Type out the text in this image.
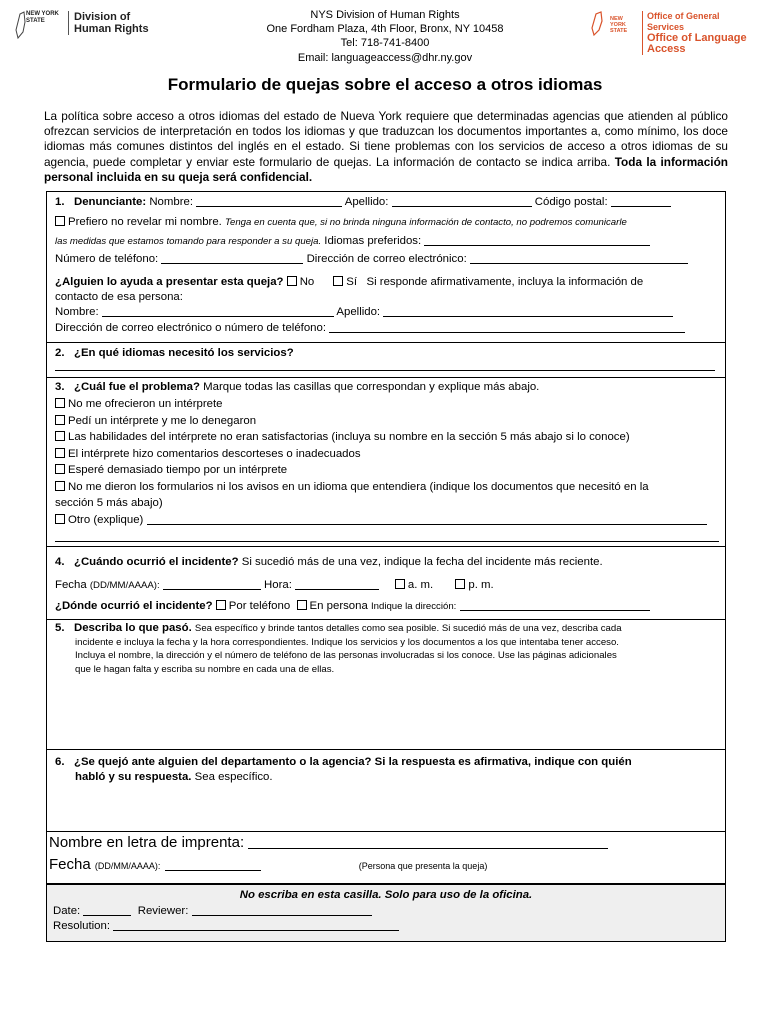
NEW YORK STATE	Division of Human Rights
NYS Division of Human Rights
One Fordham Plaza, 4th Floor, Bronx, NY 10458
Tel: 718-741-8400
Email: languageaccess@dhr.ny.gov
NEW YORK STATE
Office of General Services
Office of Language Access
Formulario de quejas sobre el acceso a otros idiomas
La política sobre acceso a otros idiomas del estado de Nueva York requiere que determinadas agencias que atienden al público ofrezcan servicios de interpretación en todos los idiomas y que traduzcan los documentos importantes a, como mínimo, los doce idiomas más comunes distintos del inglés en el estado. Si tiene problemas con los servicios de acceso a otros idiomas de su agencia, puede completar y enviar este formulario de quejas. La información de contacto se indica arriba. Toda la información personal incluida en su queja será confidencial.
1. Denunciante: Nombre:	Apellido:	Código postal:
Prefiero no revelar mi nombre. Tenga en cuenta que, si no brinda ninguna información de contacto, no podremos comunicarle
las medidas que estamos tomando para responder a su queja. Idiomas preferidos:
Número de teléfono:	Dirección de correo electrónico:
¿Alguien lo ayuda a presentar esta queja? No	Sí Si responde afirmativamente, incluya la información de
contacto de esa persona:
Nombre:	Apellido:
Dirección de correo electrónico o número de teléfono:
2. ¿En qué idiomas necesitó los servicios?
3. ¿Cuál fue el problema? Marque todas las casillas que correspondan y explique más abajo.
No me ofrecieron un intérprete
Pedí un intérprete y me lo denegaron
Las habilidades del intérprete no eran satisfactorias (incluya su nombre en la sección 5 más abajo si lo conoce)
El intérprete hizo comentarios descorteses o inadecuados
Esperé demasiado tiempo por un intérprete
No me dieron los formularios ni los avisos en un idioma que entendiera (indique los documentos que necesitó en la
sección 5 más abajo)
Otro (explique)
4. ¿Cuándo ocurrió el incidente? Si sucedió más de una vez, indique la fecha del incidente más reciente.
Fecha (DD/MM/AAAA):	Hora:	a. m.	p. m.
¿Dónde ocurrió el incidente? Por teléfono En persona Indique la dirección:
5. Describa lo que pasó. Sea específico y brinde tantos detalles como sea posible. Si sucedió más de una vez, describa cada
incidente e incluya la fecha y la hora correspondientes. Indique los servicios y los documentos a los que intentaba tener acceso.
Incluya el nombre, la dirección y el número de teléfono de las personas involucradas si los conoce. Use las páginas adicionales
que le hagan falta y escriba su nombre en cada una de ellas.
6. ¿Se quejó ante alguien del departamento o la agencia? Si la respuesta es afirmativa, indique con quién
habló y su respuesta. Sea específico.
Nombre en letra de imprenta:
Fecha (DD/MM/AAAA):	(Persona que presenta la queja)
No escriba en esta casilla. Solo para uso de la oficina.
Date:	Reviewer:
Resolution:
